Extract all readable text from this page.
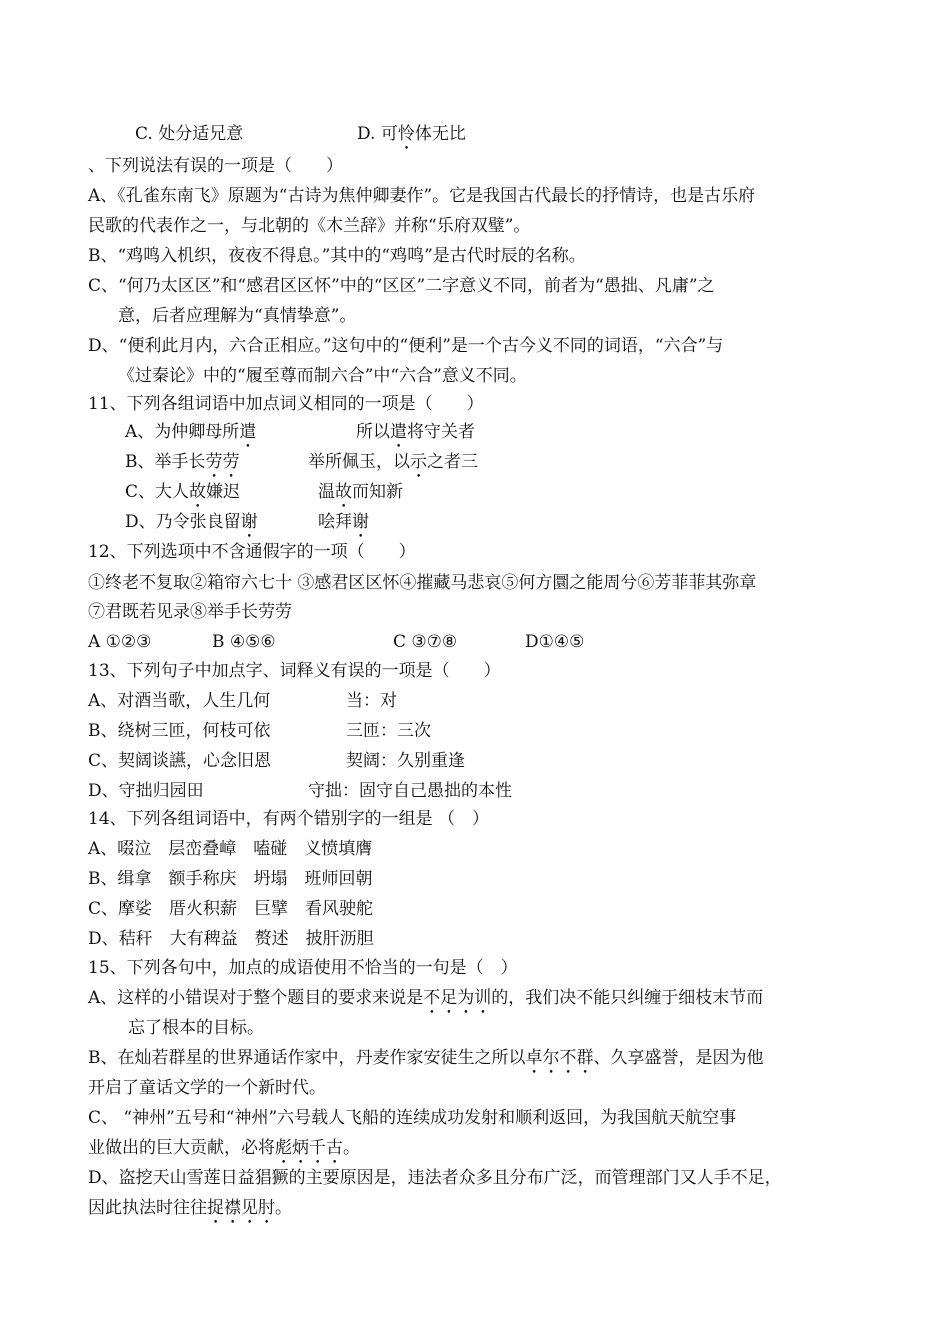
C. 处分适兄意	D. 可怜体无比
、下列说法有误的一项是（　　）
A、《孔雀东南飞》原题为“古诗为焦仲卿妻作”。它是我国古代最长的抒情诗，也是古乐府
民歌的代表作之一，与北朝的《木兰辞》并称“乐府双璧”。
B、“鸡鸣入机织，夜夜不得息。”其中的“鸡鸣”是古代时辰的名称。
C、“何乃太区区”和“感君区区怀”中的“区区”二字意义不同，前者为“愚拙、凡庸”之
意，后者应理解为“真情挚意”。
D、“便利此月内，六合正相应。”这句中的“便利”是一个古今义不同的词语，“六合”与
《过秦论》中的“履至尊而制六合”中“六合”意义不同。
11、下列各组词语中加点词义相同的一项是（　　）
A、为仲卿母所遣	所以遣将守关者
B、举手长劳劳	举所佩玉，以示之者三
C、大人故嫌迟	温故而知新
D、乃令张良留谢	哙拜谢
12、下列选项中不含通假字的一项（　　）
①终老不复取②箱帘六七十 ③感君区区怀④摧藏马悲哀⑤何方圜之能周兮⑥芳菲菲其弥章
⑦君既若见录⑧举手长劳劳
A ①②③	B ④⑤⑥	C ③⑦⑧	D①④⑤
13、下列句子中加点字、词释义有误的一项是（　　）
A、对酒当歌，人生几何	当：对
B、绕树三匝，何枝可依	三匝：三次
C、契阔谈讌，心念旧恩	契阔：久别重逢
D、守拙归园田	守拙：固守自己愚拙的本性
14、下列各组词语中，有两个错别字的一组是 （　）
A、啜泣　层峦叠嶂　嗑碰　义愤填膺
B、缉拿　额手称庆　坍塌　班师回朝
C、摩娑　厝火积薪　巨擘　看风驶舵
D、秸秆　大有稗益　赘述　披肝沥胆
15、下列各句中，加点的成语使用不恰当的一句是（　）
A、这样的小错误对于整个题目的要求来说是不足为训的，我们决不能只纠缠于细枝末节而
忘了根本的目标。
B、在灿若群星的世界通话作家中，丹麦作家安徒生之所以卓尔不群、久享盛誉，是因为他
开启了童话文学的一个新时代。
C、 “神州”五号和“神州”六号载人飞船的连续成功发射和顺利返回，为我国航天航空事
业做出的巨大贡献，必将彪炳千古。
D、盗挖天山雪莲日益猖獗的主要原因是，违法者众多且分布广泛，而管理部门又人手不足，
因此执法时往往捉襟见肘。
